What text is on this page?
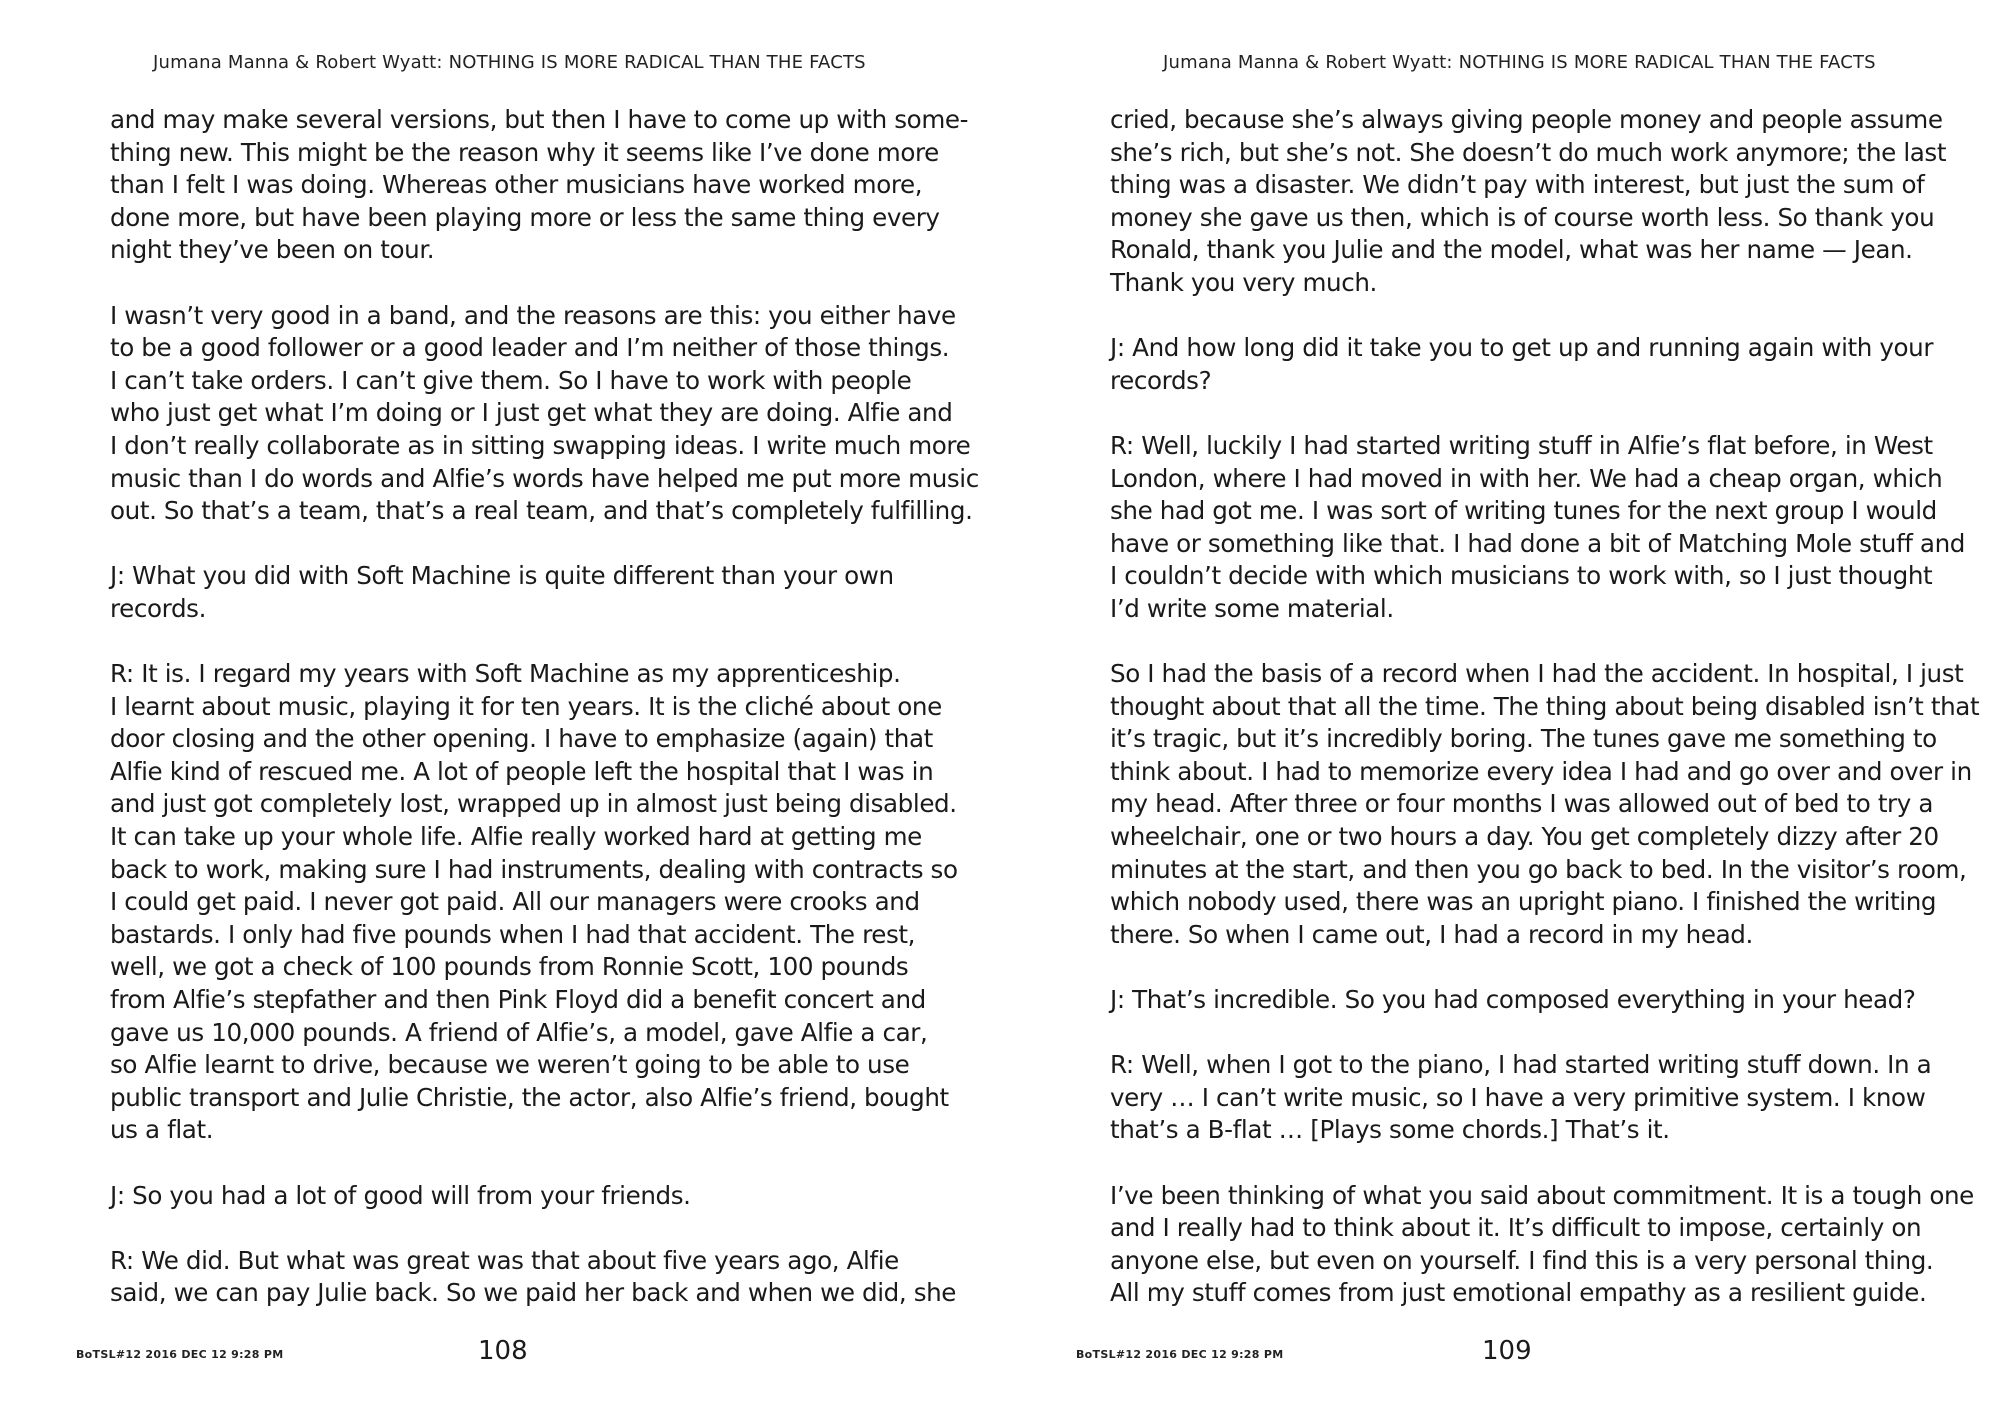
Jumana Manna & Robert Wyatt: NOTHING IS MORE RADICAL THAN THE FACTS
and may make several versions, but then I have to come up with some-
thing new. This might be the reason why it seems like I’ve done more
than I felt I was doing. Whereas other musicians have worked more,
done more, but have been playing more or less the same thing every
night they’ve been on tour.
I wasn’t very good in a band, and the reasons are this: you either have
to be a good follower or a good leader and I’m neither of those things.
I can’t take orders. I can’t give them. So I have to work with people
who just get what I’m doing or I just get what they are doing. Alfie and
I don’t really collaborate as in sitting swapping ideas. I write much more
music than I do words and Alfie’s words have helped me put more music
out. So that’s a team, that’s a real team, and that’s completely fulfilling.
J: What you did with Soft Machine is quite different than your own
records.
R: It is. I regard my years with Soft Machine as my apprenticeship.
I learnt about music, playing it for ten years. It is the cliché about one
door closing and the other opening. I have to emphasize (again) that
Alfie kind of rescued me. A lot of people left the hospital that I was in
and just got completely lost, wrapped up in almost just being disabled.
It can take up your whole life. Alfie really worked hard at getting me
back to work, making sure I had instruments, dealing with contracts so
I could get paid. I never got paid. All our managers were crooks and
bastards. I only had five pounds when I had that accident. The rest,
well, we got a check of 100 pounds from Ronnie Scott, 100 pounds
from Alfie’s stepfather and then Pink Floyd did a benefit concert and
gave us 10,000 pounds. A friend of Alfie’s, a model, gave Alfie a car,
so Alfie learnt to drive, because we weren’t going to be able to use
public transport and Julie Christie, the actor, also Alfie’s friend, bought
us a flat.
J: So you had a lot of good will from your friends.
R: We did. But what was great was that about five years ago, Alfie
said, we can pay Julie back. So we paid her back and when we did, she
BoTSL#12 2016 DEC 12 9:28 PM	108
Jumana Manna & Robert Wyatt: NOTHING IS MORE RADICAL THAN THE FACTS
cried, because she’s always giving people money and people assume
she’s rich, but she’s not. She doesn’t do much work anymore; the last
thing was a disaster. We didn’t pay with interest, but just the sum of
money she gave us then, which is of course worth less. So thank you
Ronald, thank you Julie and the model, what was her name — Jean.
Thank you very much.
J: And how long did it take you to get up and running again with your
records?
R: Well, luckily I had started writing stuff in Alfie’s flat before, in West
London, where I had moved in with her. We had a cheap organ, which
she had got me. I was sort of writing tunes for the next group I would
have or something like that. I had done a bit of Matching Mole stuff and
I couldn’t decide with which musicians to work with, so I just thought
I’d write some material.
So I had the basis of a record when I had the accident. In hospital, I just
thought about that all the time. The thing about being disabled isn’t that
it’s tragic, but it’s incredibly boring. The tunes gave me something to
think about. I had to memorize every idea I had and go over and over in
my head. After three or four months I was allowed out of bed to try a
wheelchair, one or two hours a day. You get completely dizzy after 20
minutes at the start, and then you go back to bed. In the visitor’s room,
which nobody used, there was an upright piano. I finished the writing
there. So when I came out, I had a record in my head.
J: That’s incredible. So you had composed everything in your head?
R: Well, when I got to the piano, I had started writing stuff down. In a
very … I can’t write music, so I have a very primitive system. I know
that’s a B-flat … [Plays some chords.] That’s it.
I’ve been thinking of what you said about commitment. It is a tough one
and I really had to think about it. It’s difficult to impose, certainly on
anyone else, but even on yourself. I find this is a very personal thing.
All my stuff comes from just emotional empathy as a resilient guide.
BoTSL#12 2016 DEC 12 9:28 PM	109
